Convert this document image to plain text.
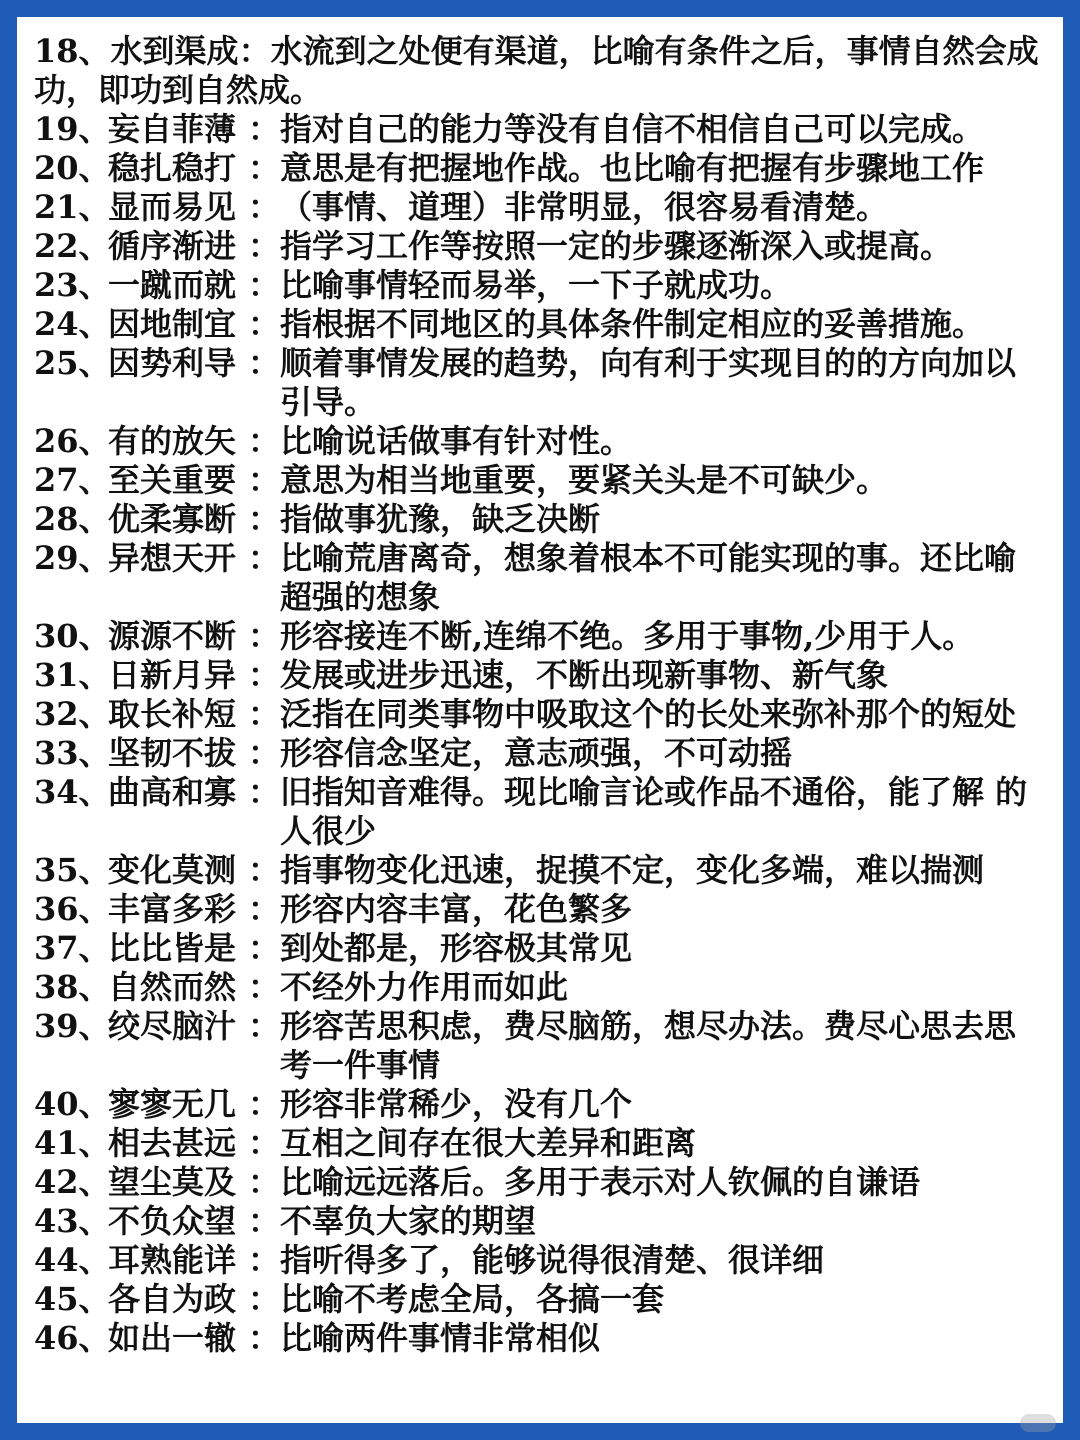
18、水到渠成：水流到之处便有渠道，比喻有条件之后，事情自然会成功，即功到自然成。
19、
妄自菲薄 ： 指对自己的能力等没有自信不相信自己可以完成。
20、
稳扎稳打 ： 意思是有把握地作战。也比喻有把握有步骤地工作
21、
显而易见 ： （事情、道理）非常明显，很容易看清楚。
22、
循序渐进 ： 指学习工作等按照一定的步骤逐渐深入或提高。
23、
一蹴而就 ： 比喻事情轻而易举，一下子就成功。
24、
因地制宜 ： 指根据不同地区的具体条件制定相应的妥善措施。
25、
因势利导 ： 顺着事情发展的趋势，向有利于实现目的的方向加以引导。
26、
有的放矢 ： 比喻说话做事有针对性。
27、
至关重要 ： 意思为相当地重要，要紧关头是不可缺少。
28、
优柔寡断 ： 指做事犹豫，缺乏决断
29、
异想天开 ： 比喻荒唐离奇，想象着根本不可能实现的事。还比喻超强的想象
30、
源源不断 ： 形容接连不断,连绵不绝。多用于事物,少用于人。
31、
日新月异 ： 发展或进步迅速，不断出现新事物、新气象
32、
取长补短 ： 泛指在同类事物中吸取这个的长处来弥补那个的短处
33、
坚韧不拔 ： 形容信念坚定，意志顽强，不可动摇
34、
曲高和寡 ： 旧指知音难得。现比喻言论或作品不通俗，能了解 的人很少
35、
变化莫测 ： 指事物变化迅速，捉摸不定，变化多端，难以揣测
36、
丰富多彩 ： 形容内容丰富，花色繁多
37、
比比皆是 ： 到处都是，形容极其常见
38、
自然而然 ： 不经外力作用而如此
39、
绞尽脑汁 ： 形容苦思积虑，费尽脑筋，想尽办法。费尽心思去思考一件事情
40、
寥寥无几 ： 形容非常稀少，没有几个
41、
相去甚远 ： 互相之间存在很大差异和距离
42、
望尘莫及 ： 比喻远远落后。多用于表示对人钦佩的自谦语
43、
不负众望 ： 不辜负大家的期望
44、
耳熟能详 ： 指听得多了，能够说得很清楚、很详细
45、
各自为政 ： 比喻不考虑全局，各搞一套
46、
如出一辙 ： 比喻两件事情非常相似
